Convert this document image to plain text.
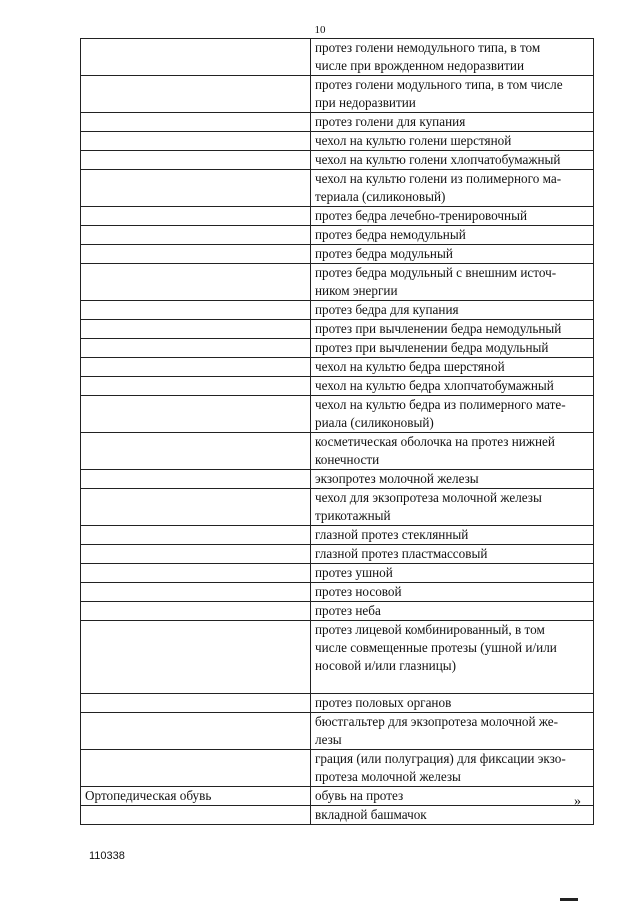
10

	протез голени немодульного типа, в том
числе при врожденном недоразвитии

	протез голени модульного типа, в том числе
при недоразвитии

	протез голени для купания

	чехол на культю голени шерстяной

	чехол на культю голени хлопчатобумажный

	чехол на культю голени из полимерного ма-
териала (силиконовый)

	протез бедра лечебно-тренировочный

	протез бедра немодульный

	протез бедра модульный

	протез бедра модульный с внешним источ-
ником энергии

	протез бедра для купания

	протез при вычленении бедра немодульный

	протез при вычленении бедра модульный

	чехол на культю бедра шерстяной

	чехол на культю бедра хлопчатобумажный

	чехол на культю бедра из полимерного мате-
риала (силиконовый)

	косметическая оболочка на протез нижней
конечности

	экзопротез молочной железы

	чехол для экзопротеза молочной железы
трикотажный

	глазной протез стеклянный

	глазной протез пластмассовый

	протез ушной

	протез носовой

	протез неба

	протез лицевой комбинированный, в том
числе совмещенные протезы (ушной и/или
носовой и/или глазницы)

	протез половых органов

	бюстгальтер для экзопротеза молочной же-
лезы

	грация (или полуграция) для фиксации экзо-
протеза молочной железы

Ортопедическая обувь	обувь на протез

	вкладной башмачок
»
110338
